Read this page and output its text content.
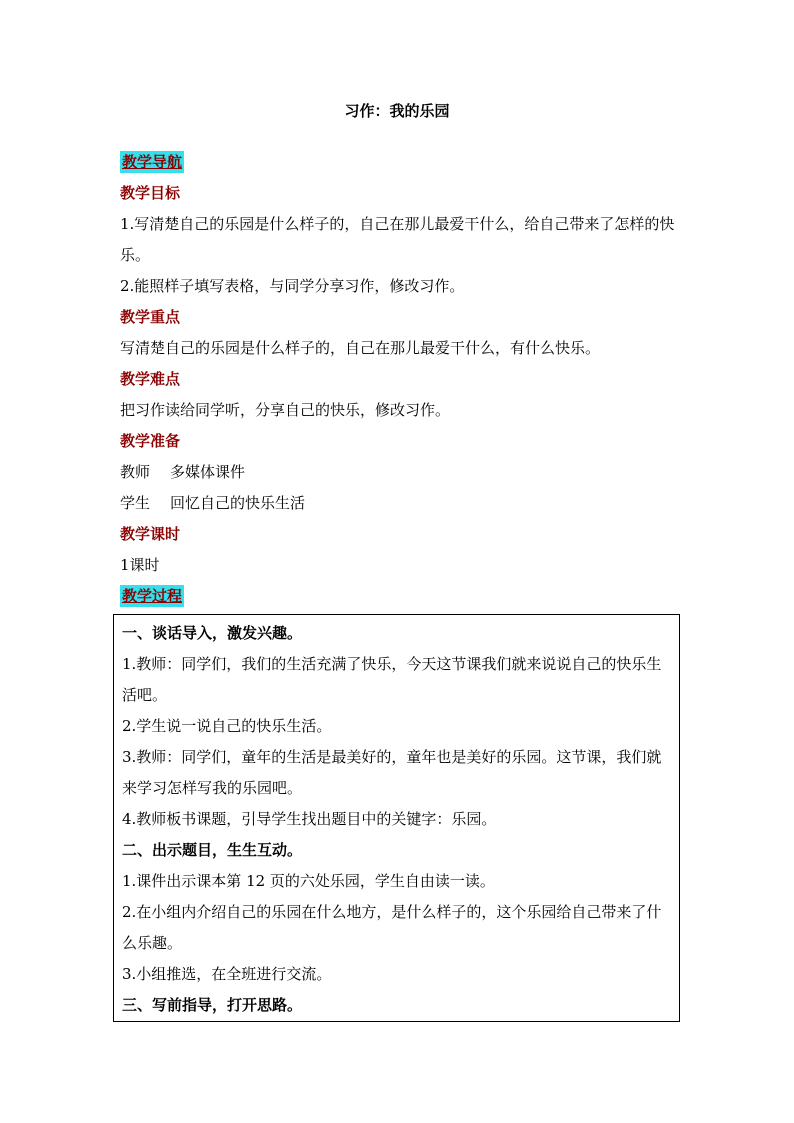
习作：我的乐园
教学导航
教学目标
1.写清楚自己的乐园是什么样子的，自己在那儿最爱干什么，给自己带来了怎样的快乐。
2.能照样子填写表格，与同学分享习作，修改习作。
教学重点
写清楚自己的乐园是什么样子的，自己在那儿最爱干什么，有什么快乐。
教学难点
把习作读给同学听，分享自己的快乐，修改习作。
教学准备
教师 多媒体课件
学生 回忆自己的快乐生活
教学课时
1课时
教学过程
一、谈话导入，激发兴趣。
1.教师：同学们，我们的生活充满了快乐，今天这节课我们就来说说自己的快乐生活吧。
2.学生说一说自己的快乐生活。
3.教师：同学们，童年的生活是最美好的，童年也是美好的乐园。这节课，我们就来学习怎样写我的乐园吧。
4.教师板书课题，引导学生找出题目中的关键字：乐园。
二、出示题目，生生互动。
1.课件出示课本第 12 页的六处乐园，学生自由读一读。
2.在小组内介绍自己的乐园在什么地方，是什么样子的，这个乐园给自己带来了什么乐趣。
3.小组推选，在全班进行交流。
三、写前指导，打开思路。
